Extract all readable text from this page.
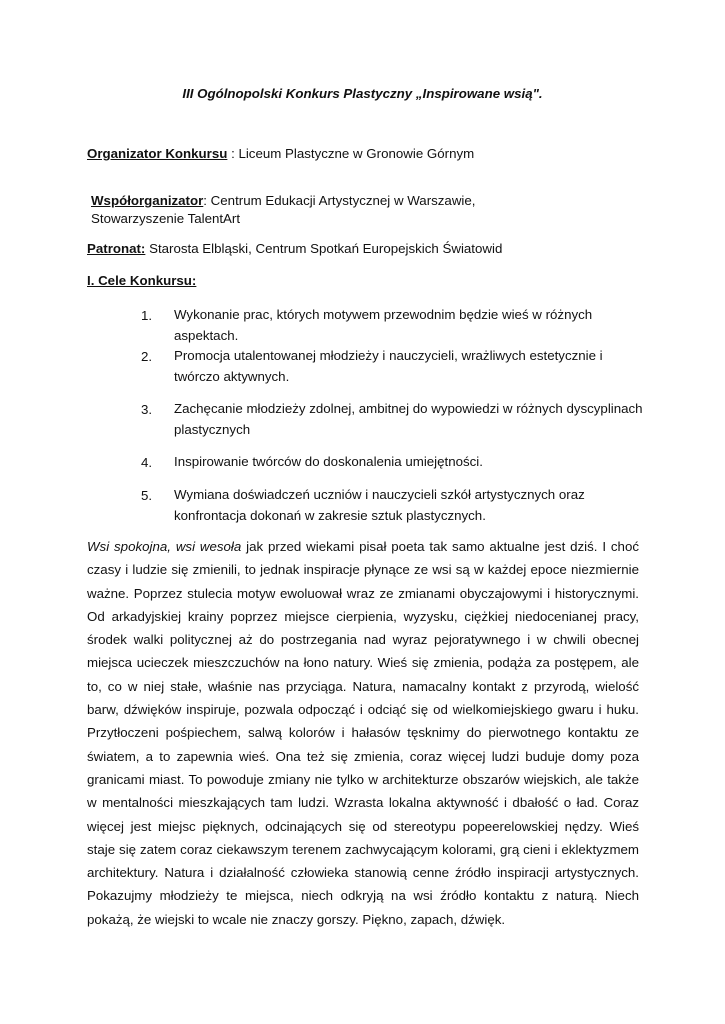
III Ogólnopolski Konkurs Plastyczny „Inspirowane wsią".
Organizator Konkursu : Liceum Plastyczne w Gronowie Górnym
Współorganizator: Centrum Edukacji Artystycznej w Warszawie,
Stowarzyszenie TalentArt
Patronat: Starosta Elbląski, Centrum Spotkań Europejskich Światowid
I. Cele Konkursu:
1. Wykonanie prac, których motywem przewodnim będzie wieś w różnych aspektach.
2. Promocja utalentowanej młodzieży i nauczycieli, wrażliwych estetycznie i twórczo aktywnych.
3. Zachęcanie młodzieży zdolnej, ambitnej do wypowiedzi w różnych dyscyplinach plastycznych
4. Inspirowanie twórców do doskonalenia umiejętności.
5. Wymiana doświadczeń uczniów i nauczycieli szkół artystycznych oraz konfrontacja dokonań w zakresie sztuk plastycznych.
Wsi spokojna, wsi wesoła jak przed wiekami pisał poeta tak samo aktualne jest dziś. I choć czasy i ludzie się zmienili, to jednak inspiracje płynące ze wsi są w każdej epoce niezmiernie ważne. Poprzez stulecia motyw ewoluował wraz ze zmianami obyczajowymi i historycznymi. Od arkadyjskiej krainy poprzez miejsce cierpienia, wyzysku, ciężkiej niedocenianej pracy, środek walki politycznej aż do postrzegania nad wyraz pejoratywnego i w chwili obecnej miejsca ucieczek mieszczuchów na łono natury. Wieś się zmienia, podąża za postępem, ale to, co w niej stałe, właśnie nas przyciąga. Natura, namacalny kontakt z przyrodą, wielość barw, dźwięków inspiruje, pozwala odpocząć i odciąć się od wielkomiejskiego gwaru i huku. Przytłoczeni pośpiechem, salwą kolorów i hałasów tęsknimy do pierwotnego kontaktu ze światem, a to zapewnia wieś. Ona też się zmienia, coraz więcej ludzi buduje domy poza granicami miast. To powoduje zmiany nie tylko w architekturze obszarów wiejskich, ale także w mentalności mieszkających tam ludzi. Wzrasta lokalna aktywność i dbałość o ład. Coraz więcej jest miejsc pięknych, odcinających się od stereotypu popeerelowskiej nędzy. Wieś staje się zatem coraz ciekawszym terenem zachwycającym kolorami, grą cieni i eklektyzmem architektury. Natura i działalność człowieka stanowią cenne źródło inspiracji artystycznych. Pokazujmy młodzieży te miejsca, niech odkryją na wsi źródło kontaktu z naturą. Niech pokażą, że wiejski to wcale nie znaczy gorszy. Piękno, zapach, dźwięk.
